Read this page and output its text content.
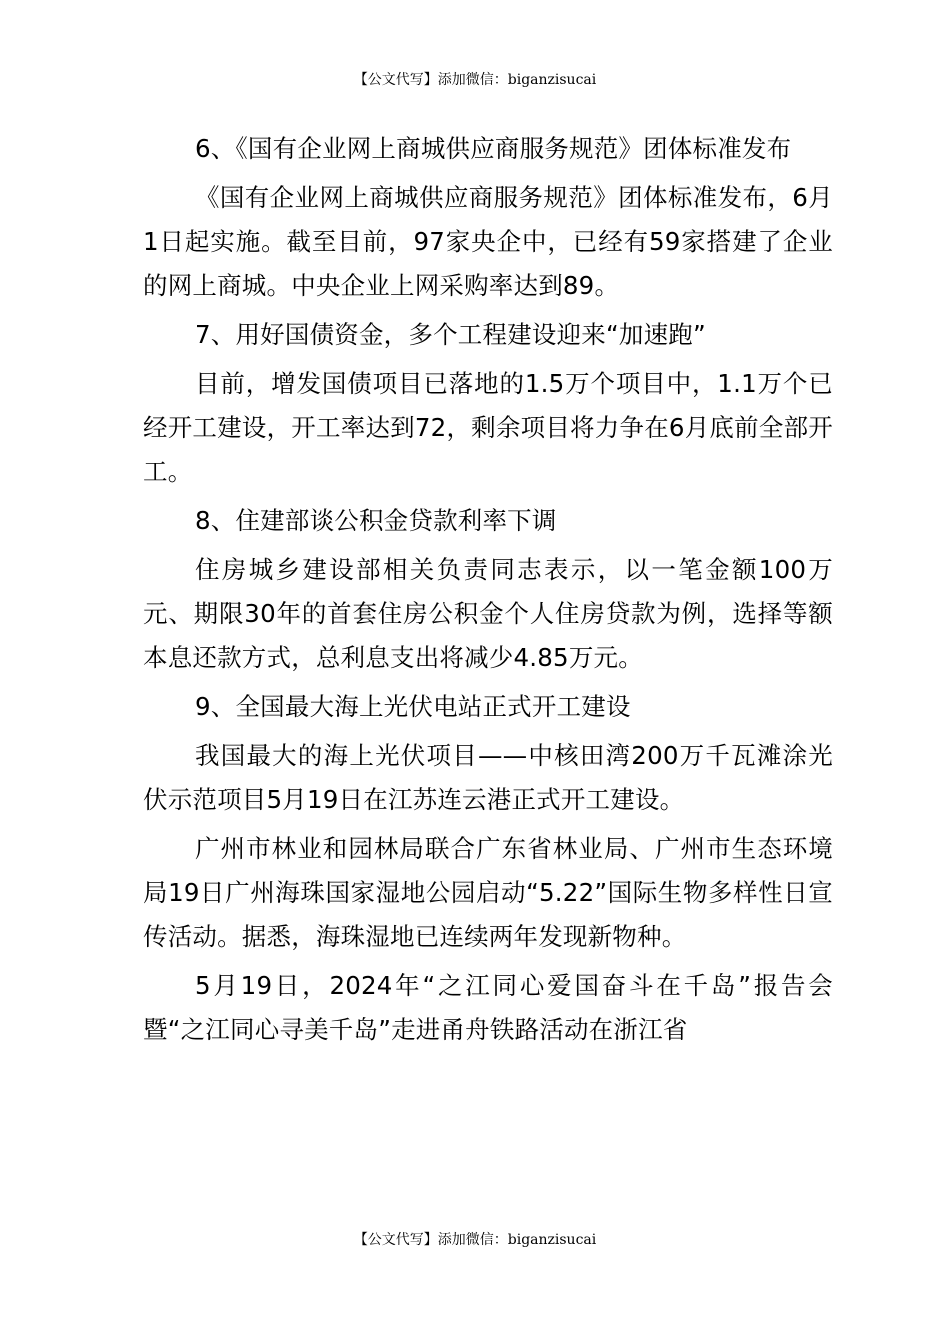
【公文代写】添加微信：biganzisucai

6、《国有企业网上商城供应商服务规范》团体标准发布

《国有企业网上商城供应商服务规范》团体标准发布，6月1日起实施。截至目前，97家央企中，已经有59家搭建了企业的网上商城。中央企业上网采购率达到89。

7、用好国债资金，多个工程建设迎来“加速跑”

目前，增发国债项目已落地的1.5万个项目中，1.1万个已经开工建设，开工率达到72，剩余项目将力争在6月底前全部开工。

8、住建部谈公积金贷款利率下调

住房城乡建设部相关负责同志表示，以一笔金额100万元、期限30年的首套住房公积金个人住房贷款为例，选择等额本息还款方式，总利息支出将减少4.85万元。

9、全国最大海上光伏电站正式开工建设

我国最大的海上光伏项目——中核田湾200万千瓦滩涂光伏示范项目5月19日在江苏连云港正式开工建设。

广州市林业和园林局联合广东省林业局、广州市生态环境局19日广州海珠国家湿地公园启动“5.22”国际生物多样性日宣传活动。据悉，海珠湿地已连续两年发现新物种。

5月19日，2024年“之江同心爱国奋斗在千岛”报告会暨“之江同心寻美千岛”走进甬舟铁路活动在浙江省

【公文代写】添加微信：biganzisucai
